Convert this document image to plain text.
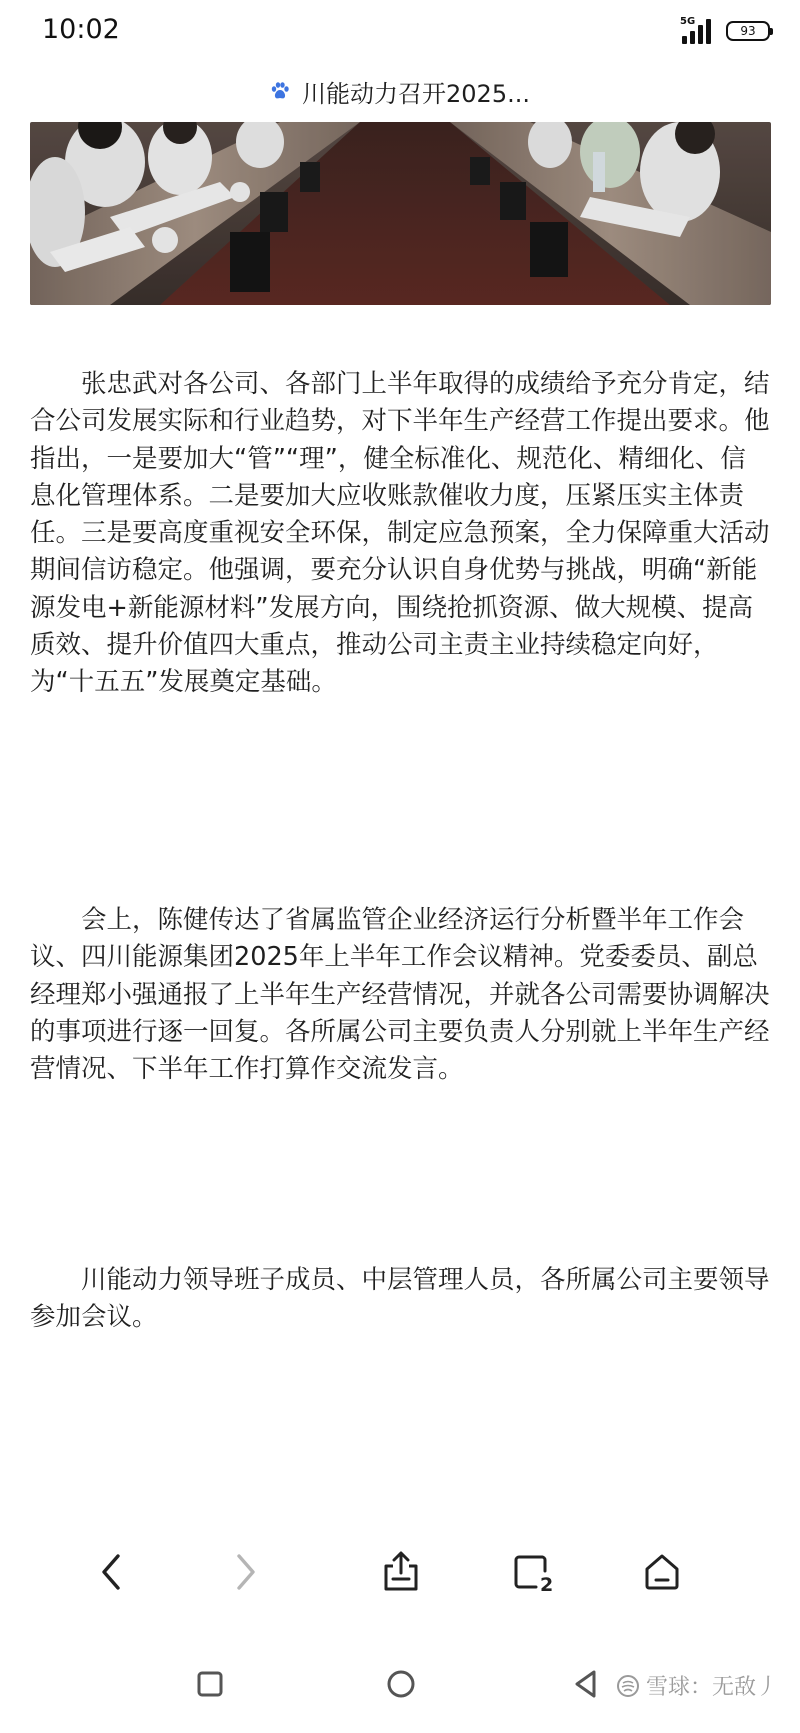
10:02	5G
93
川能动力召开2025...

张忠武对各公司、各部门上半年取得的成绩给予充分肯定，结合公司发展实际和行业趋势，对下半年生产经营工作提出要求。他指出，一是要加大“管”“理”，健全标准化、规范化、精细化、信息化管理体系。二是要加大应收账款催收力度，压紧压实主体责任。三是要高度重视安全环保，制定应急预案，全力保障重大活动期间信访稳定。他强调，要充分认识自身优势与挑战，明确“新能源发电+新能源材料”发展方向，围绕抢抓资源、做大规模、提高质效、提升价值四大重点，推动公司主责主业持续稳定向好，为“十五五”发展奠定基础。

会上，陈健传达了省属监管企业经济运行分析暨半年工作会议、四川能源集团2025年上半年工作会议精神。党委委员、副总经理郑小强通报了上半年生产经营情况，并就各公司需要协调解决的事项进行逐一回复。各所属公司主要负责人分别就上半年生产经营情况、下半年工作打算作交流发言。

川能动力领导班子成员、中层管理人员，各所属公司主要领导参加会议。

2
雪球：无敌丿
